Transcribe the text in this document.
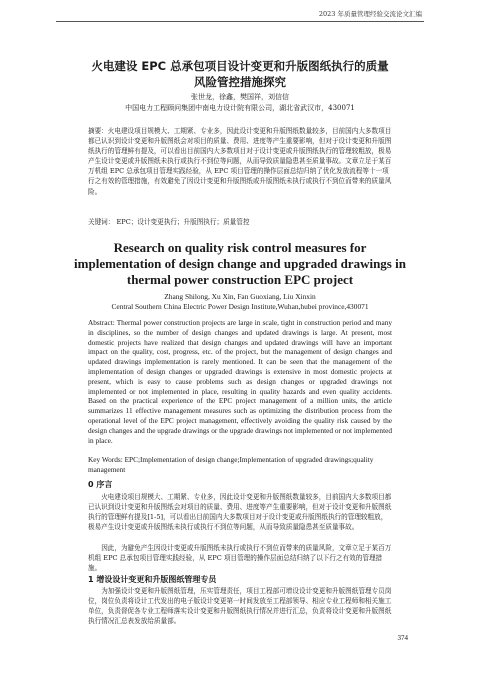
2023 年质量管理经验交流论文汇编
火电建设 EPC 总承包项目设计变更和升版图纸执行的质量
风险管控措施探究
张世龙，徐鑫，樊国祥，刘信信
中国电力工程顾问集团中南电力设计院有限公司，湖北省武汉市，430071
摘要：火电建设项目规模大、工期紧、专业多，因此设计变更和升版图纸数量较多，目前国内大多数项目都已认识到设计变更和升版图纸会对项目的质量、费用、进度等产生重要影响，但对于设计变更和升版图纸执行的管理鲜有提及，可以看出目前国内大多数项目对于设计变更或升版图纸执行的管理较粗放，极易产生设计变更或升版图纸未执行或执行不到位等问题，从而导致质量隐患甚至质量事故。文章立足于某百万机组 EPC 总承包项目管理实践经验，从 EPC 项目管理的操作层面总结归纳了优化发放流程等十一项行之有效的管理措施，有效避免了因设计变更和升版图纸或升版图纸未执行或执行不到位而带来的质量风险。
关键词： EPC；设计变更执行；升版图执行；质量管控
Research on quality risk control measures for
implementation of design change and upgraded drawings in
thermal power construction EPC project
Zhang Shilong, Xu Xin, Fan Guoxiang, Liu Xinxin
Central Southern China Electric Power Design Institute,Wuhan,hubei province,430071
Abstract: Thermal power construction projects are large in scale, tight in construction period and many in disciplines, so the number of design changes and updated drawings is large. At present, most domestic projects have realized that design changes and updated drawings will have an important impact on the quality, cost, progress, etc. of the project, but the management of design changes and updated drawings implementation is rarely mentioned. It can be seen that the management of the implementation of design changes or upgraded drawings is extensive in most domestic projects at present, which is easy to cause problems such as design changes or upgraded drawings not implemented or not implemented in place, resulting in quality hazards and even quality accidents. Based on the practical experience of the EPC project management of a million units, the article summarizes 11 effective management measures such as optimizing the distribution process from the operational level of the EPC project management, effectively avoiding the quality risk caused by the design changes and the upgrade drawings or the upgrade drawings not implemented or not implemented in place.
Key Words: EPC;Implementation of design change;Implementation of upgraded drawings;quality management
0 序言
火电建设项目规模大、工期紧、专业多，因此设计变更和升版图纸数量较多，目前国内大多数项目都已认识到设计变更和升版图纸会对项目的质量、费用、进度等产生重要影响，但对于设计变更和升版图纸执行的管理鲜有提及[1-5]，可以看出目前国内大多数项目对于设计变更或升版图纸执行的管理较粗放，极易产生设计变更或升版图纸未执行或执行不到位等问题，从而导致质量隐患甚至质量事故。
因此，为避免产生因设计变更或升版图纸未执行或执行不到位而带来的质量风险，文章立足于某百万机组 EPC 总承包项目管理实践经验，从 EPC 项目管理的操作层面总结归纳了以下行之有效的管理措施。
1 增设设计变更和升版图纸管理专员
为加强设计变更和升版图纸管理，压实管理责任，项目工程部可增设设计变更和升版图纸管理专员岗位，岗位负责将设计工代发出的电子版设计变更第一时间发放至工程部领导、相应专业工程师和相关施工单位，负责督促各专业工程师落实设计变更和升版图纸执行情况并进行汇总，负责将设计变更和升版图纸执行情况汇总表发放给质量部。
374
